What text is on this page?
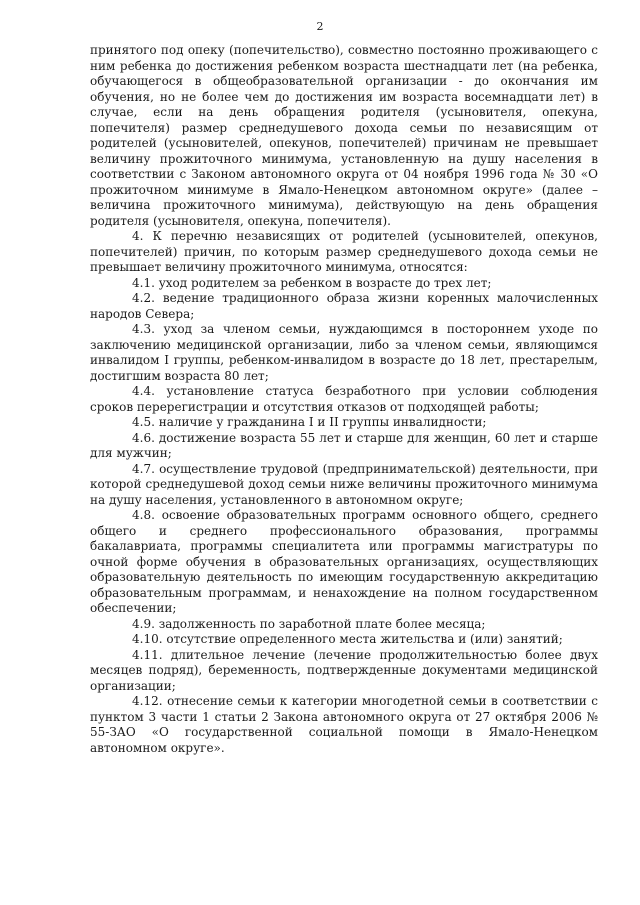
2

принятого под опеку (попечительство), совместно постоянно проживающего с ним ребенка до достижения ребенком возраста шестнадцати лет (на ребенка, обучающегося в общеобразовательной организации - до окончания им обучения, но не более чем до достижения им возраста восемнадцати лет) в случае, если на день обращения родителя (усыновителя, опекуна, попечителя) размер среднедушевого дохода семьи по независящим от родителей (усыновителей, опекунов, попечителей) причинам не превышает величину прожиточного минимума, установленную на душу населения в соответствии с Законом автономного округа от 04 ноября 1996 года № 30 «О прожиточном минимуме в Ямало-Ненецком автономном округе» (далее – величина прожиточного минимума), действующую на день обращения родителя (усыновителя, опекуна, попечителя).

4. К перечню независящих от родителей (усыновителей, опекунов, попечителей) причин, по которым размер среднедушевого дохода семьи не превышает величину прожиточного минимума, относятся:

4.1. уход родителем за ребенком в возрасте до трех лет;

4.2. ведение традиционного образа жизни коренных малочисленных народов Севера;

4.3. уход за членом семьи, нуждающимся в постороннем уходе по заключению медицинской организации, либо за членом семьи, являющимся инвалидом I группы, ребенком-инвалидом в возрасте до 18 лет, престарелым, достигшим возраста 80 лет;

4.4. установление статуса безработного при условии соблюдения сроков перерегистрации и отсутствия отказов от подходящей работы;

4.5. наличие у гражданина I и II группы инвалидности;

4.6. достижение возраста 55 лет и старше для женщин, 60 лет и старше для мужчин;

4.7. осуществление трудовой (предпринимательской) деятельности, при которой среднедушевой доход семьи ниже величины прожиточного минимума на душу населения, установленного в автономном округе;

4.8. освоение образовательных программ основного общего, среднего общего и среднего профессионального образования, программы бакалавриата, программы специалитета или программы магистратуры по очной форме обучения в образовательных организациях, осуществляющих образовательную деятельность по имеющим государственную аккредитацию образовательным программам, и ненахождение на полном государственном обеспечении;

4.9. задолженность по заработной плате более месяца;

4.10. отсутствие определенного места жительства и (или) занятий;

4.11. длительное лечение (лечение продолжительностью более двух месяцев подряд), беременность, подтвержденные документами медицинской организации;

4.12. отнесение семьи к категории многодетной семьи в соответствии с пунктом 3 части 1 статьи 2 Закона автономного округа от 27 октября 2006 № 55-ЗАО «О государственной социальной помощи в Ямало-Ненецком автономном округе».
